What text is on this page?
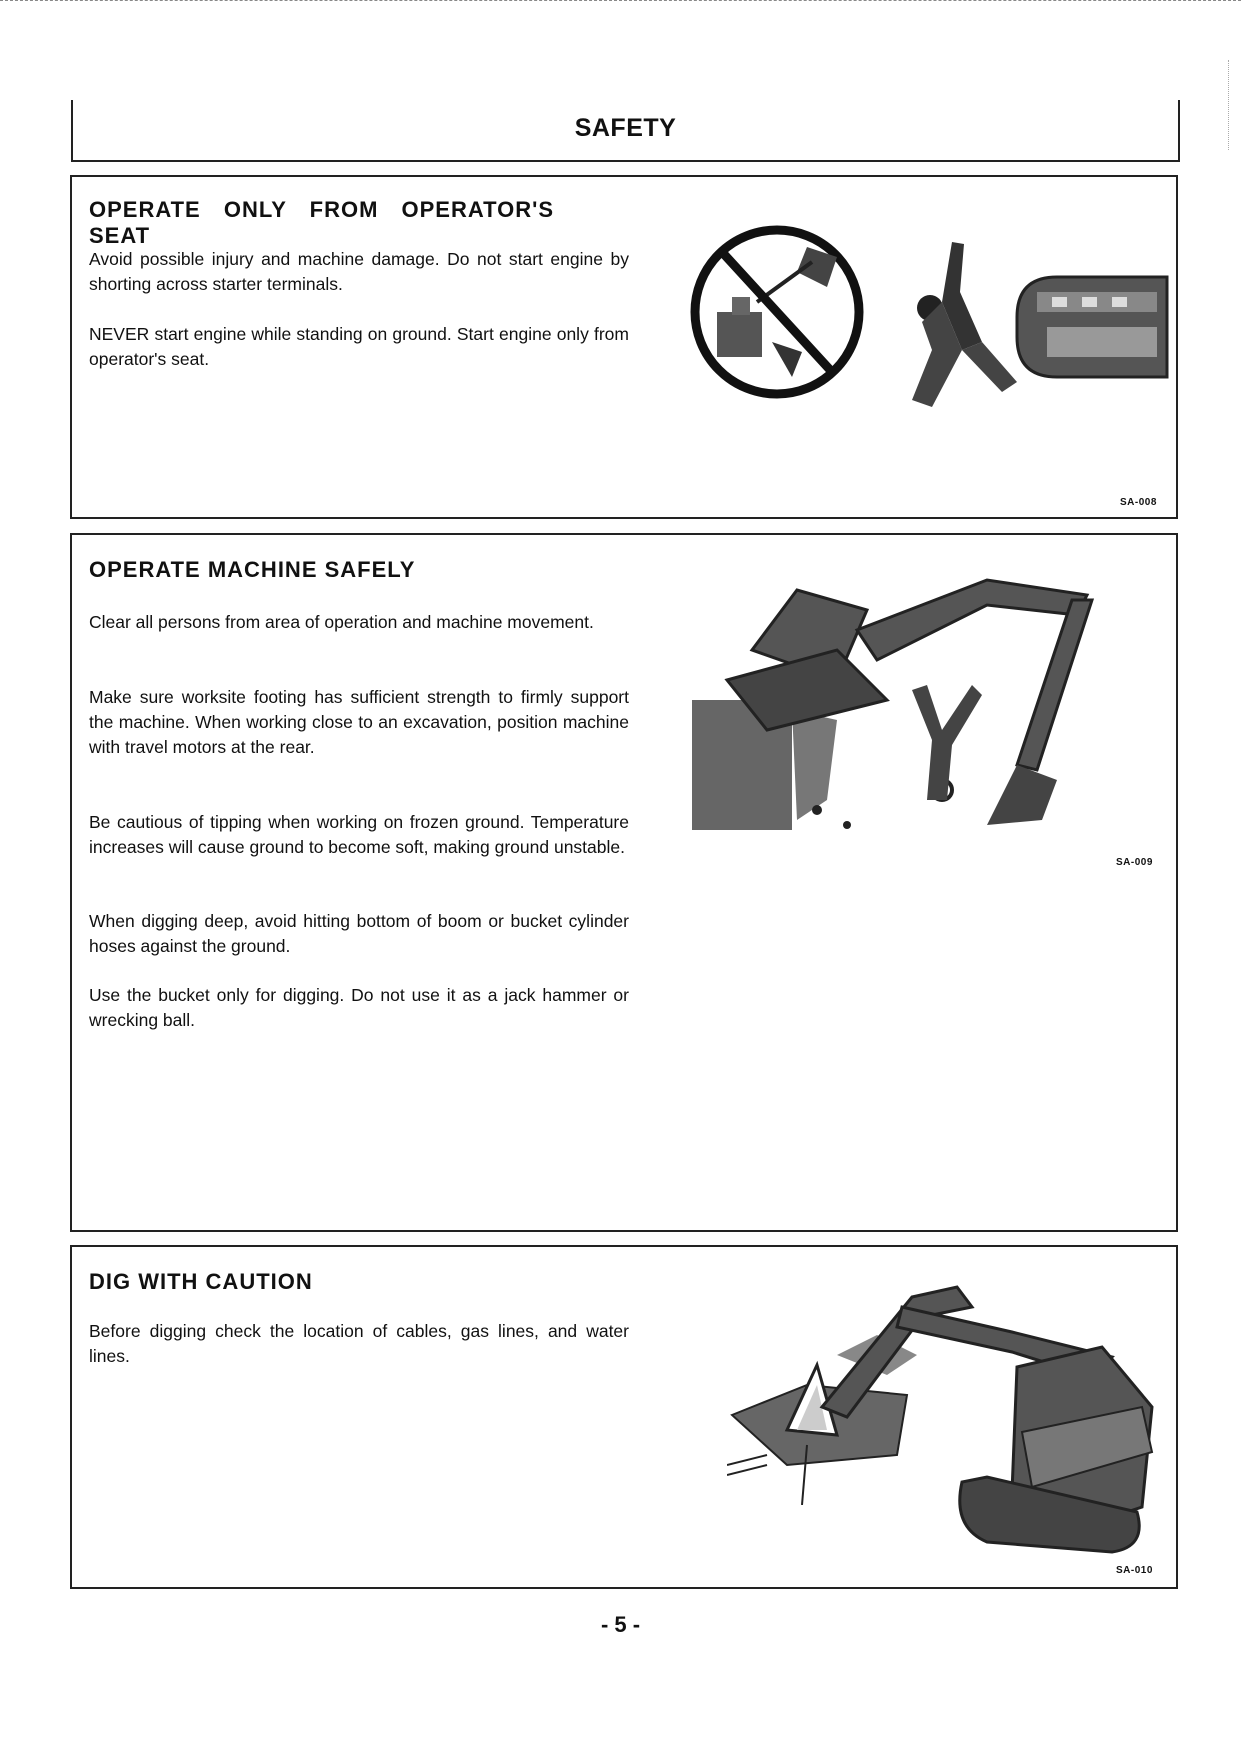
SAFETY
OPERATE ONLY FROM OPERATOR'S SEAT
Avoid possible injury and machine damage. Do not start engine by shorting across starter terminals.
NEVER start engine while standing on ground. Start engine only from operator's seat.
SA-008
OPERATE MACHINE SAFELY
Clear all persons from area of operation and machine movement.
Make sure worksite footing has sufficient strength to firmly support the machine. When working close to an excavation, position machine with travel motors at the rear.
Be cautious of tipping when working on frozen ground. Temperature increases will cause ground to become soft, making ground unstable.
When digging deep, avoid hitting bottom of boom or bucket cylinder hoses against the ground.
Use the bucket only for digging. Do not use it as a jack hammer or wrecking ball.
SA-009
DIG WITH CAUTION
Before digging check the location of cables, gas lines, and water lines.
SA-010
- 5 -
